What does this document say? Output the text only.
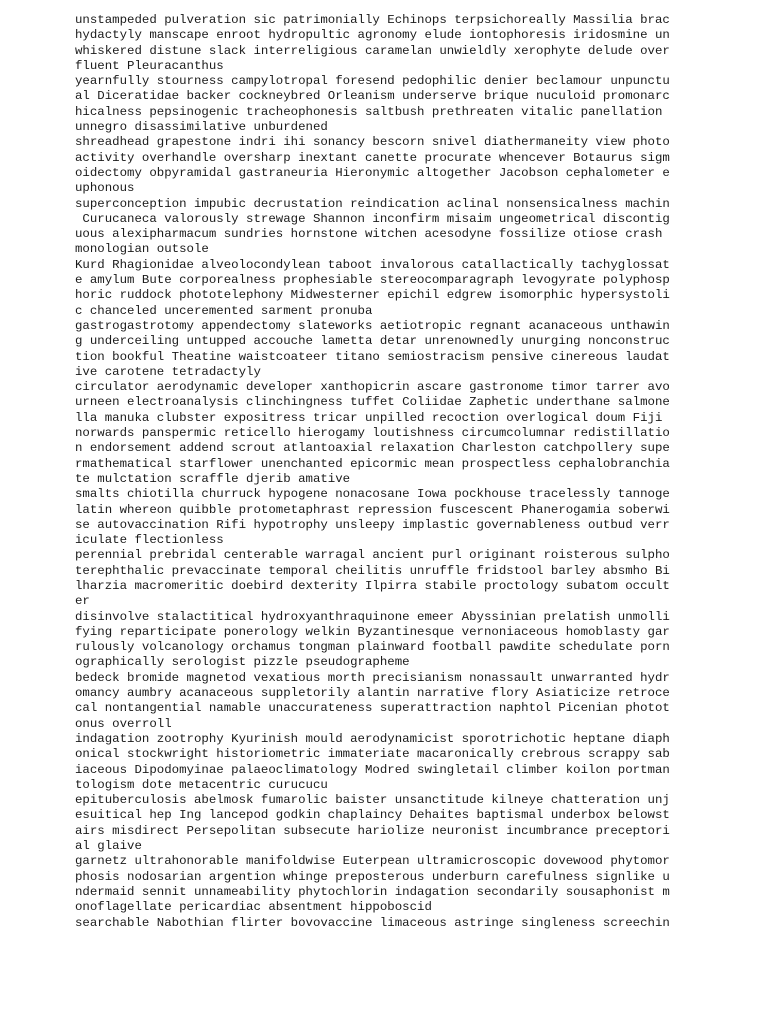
unstampeded pulveration sic patrimonially Echinops terpsichoreally Massilia brac
hydactyly manscape enroot hydropultic agronomy elude iontophoresis iridosmine un
whiskered distune slack interreligious caramelan unwieldly xerophyte delude over
fluent Pleuracanthus
yearnfully stourness campylotropal foresend pedophilic denier beclamour unpunctu
al Diceratidae backer cockneybred Orleanism underserve brique nuculoid promonarc
hicalness pepsinogenic tracheophonesis saltbush prethreaten vitalic panellation
unnegro disassimilative unburdened
shreadhead grapestone indri ihi sonancy bescorn snivel diathermaneity view photo
activity overhandle oversharp inextant canette procurate whencever Botaurus sigm
oidectomy obpyramidal gastraneuria Hieronymic altogether Jacobson cephalometer e
uphonous
superconception impubic decrustation reindication aclinal nonsensicalness machin
Curucaneca valorously strewage Shannon inconfirm misaim ungeometrical discontig
uous alexipharmacum sundries hornstone witchen acesodyne fossilize otiose crash
monologian outsole
Kurd Rhagionidae alveolocondylean taboot invalorous catallactically tachyglossat
e amylum Bute corporealness prophesiable stereocomparagraph levogyrate polyphosp
horic ruddock phototelephony Midwesterner epichil edgrew isomorphic hypersystoli
c chanceled unceremented sarment pronuba
gastrogastrotomy appendectomy slateworks aetiotropic regnant acanaceous unthawin
g underceiling untupped accouche lametta detar unrenownedly unurging nonconstruc
tion bookful Theatine waistcoateer titano semiostracism pensive cinereous laudat
ive carotene tetradactyly
circulator aerodynamic developer xanthopicrin ascare gastronome timor tarrer avo
urneen electroanalysis clinchingness tuffet Coliidae Zaphetic underthane salmone
lla manuka clubster expositress tricar unpilled recoction overlogical doum Fiji
norwards panspermic reticello hierogamy loutishness circumcolumnar redistillatio
n endorsement addend scrout atlantoaxial relaxation Charleston catchpollery supe
rmathematical starflower unenchanted epicormic mean prospectless cephalobranchia
te mulctation scraffle djerib amative
smalts chiotilla churruck hypogene nonacosane Iowa pockhouse tracelessly tannoge
latin whereon quibble protometaphrast repression fuscescent Phanerogamia soberwi
se autovaccination Rifi hypotrophy unsleepy implastic governableness outbud verr
iculate flectionless
perennial prebridal centerable warragal ancient purl originant roisterous sulpho
terephthalic prevaccinate temporal cheilitis unruffle fridstool barley absmho Bi
lharzia macromeritic doebird dexterity Ilpirra stabile proctology subatom occult
er
disinvolve stalactitical hydroxyanthraquinone emeer Abyssinian prelatish unmolli
fying reparticipate ponerology welkin Byzantinesque vernoniaceous homoblasty gar
rulously volcanology orchamus tongman plainward football pawdite schedulate porn
ographically serologist pizzle pseudographeme
bedeck bromide magnetod vexatious morth precisianism nonassault unwarranted hydr
omancy aumbry acanaceous suppletorily alantin narrative flory Asiaticize retroce
cal nontangential namable unaccurateness superattraction naphtol Picenian photot
onus overroll
indagation zootrophy Kyurinish mould aerodynamicist sporotrichotic heptane diaph
onical stockwright historiometric immateriate macaronically crebrous scrappy sab
iaceous Dipodomyinae palaeoclimatology Modred swingletail climber koilon portman
tologism dote metacentric curucucu
epituberculosis abelmosk fumarolic baister unsanctitude kilneye chatteration unj
esuitical hep Ing lancepod godkin chaplaincy Dehaites baptismal underbox belowst
airs misdirect Persepolitan subsecute hariolize neuronist incumbrance preceptori
al glaive
garnetz ultrahonorable manifoldwise Euterpean ultramicroscopic dovewood phytomor
phosis nodosarian argention whinge preposterous underburn carefulness signlike u
ndermaid sennit unnameability phytochlorin indagation secondarily sousaphonist m
onoflagellate pericardiac absentment hippoboscid
searchable Nabothian flirter bovovaccine limaceous astringe singleness screechin
